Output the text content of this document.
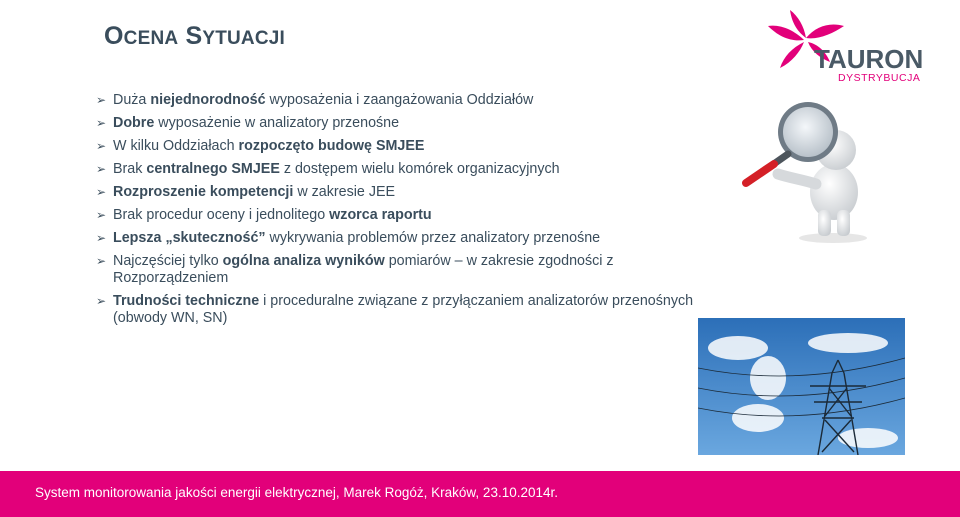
OCENA SYTUACJI
TAURON
DYSTRYBUCJA
➢ Duża niejednorodność wyposażenia i zaangażowania Oddziałów
➢ Dobre wyposażenie w analizatory przenośne
➢ W kilku Oddziałach rozpoczęto budowę SMJEE
➢ Brak centralnego SMJEE z dostępem wielu komórek organizacyjnych
➢ Rozproszenie kompetencji w zakresie JEE
➢ Brak procedur oceny i jednolitego wzorca raportu
➢ Lepsza „skuteczność” wykrywania problemów przez analizatory przenośne
➢ Najczęściej tylko ogólna analiza wyników pomiarów – w zakresie zgodności z Rozporządzeniem
➢ Trudności techniczne i proceduralne związane z przyłączaniem analizatorów przenośnych (obwody WN, SN)
System monitorowania jakości energii elektrycznej, Marek Rogóż, Kraków, 23.10.2014r.
